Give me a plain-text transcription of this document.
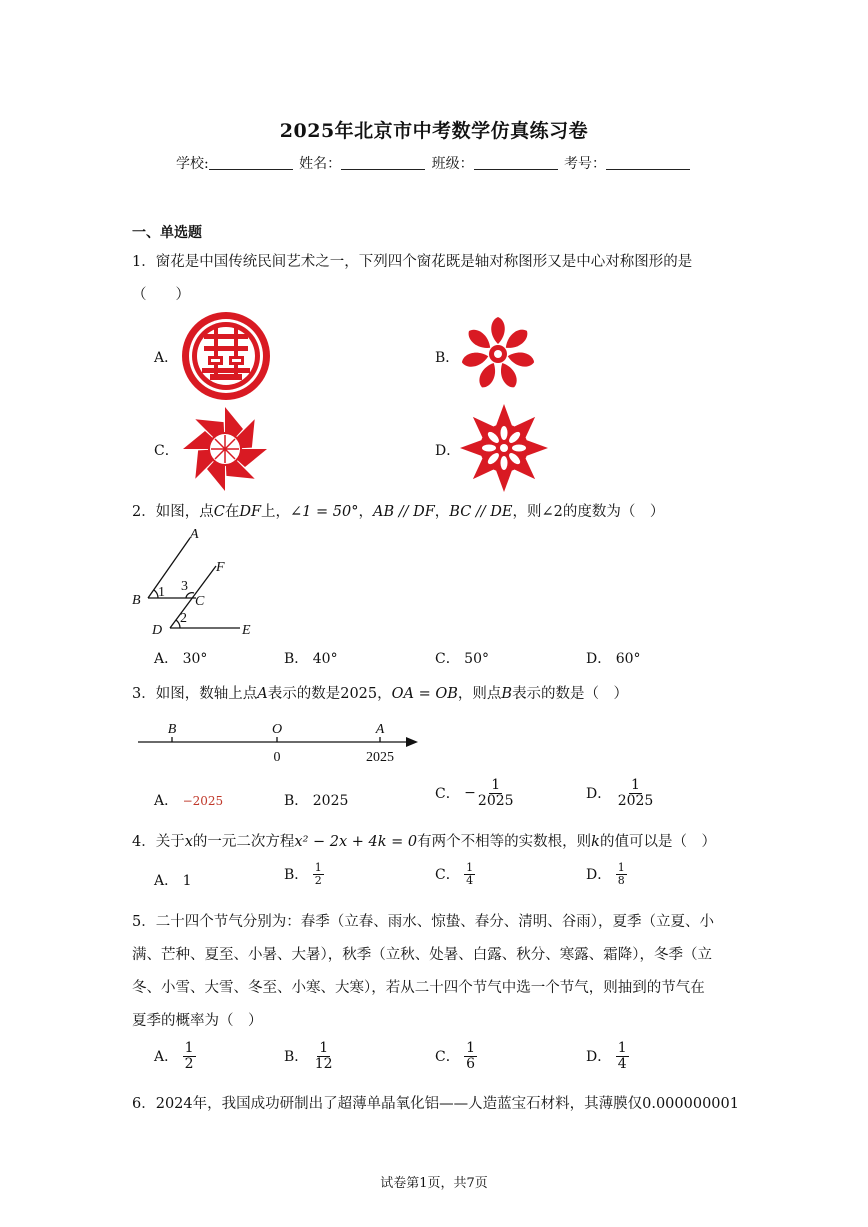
2025年北京市中考数学仿真练习卷
学校:	姓名：	班级：	考号：
一、单选题
1．窗花是中国传统民间艺术之一，下列四个窗花既是轴对称图形又是中心对称图形的是
（　　）
A．	B．
C．	D．
2．如图，点C在DF上，∠1 = 50°，AB // DF，BC // DE，则∠2的度数为（　）
A
B	C
D	E
F
1
2
3
A． 30°	B． 40°	C． 50°	D． 60°
3．如图，数轴上点A表示的数是2025，OA = OB，则点B表示的数是（　）
B	O	A
0	2025
A． −2025	B． 2025	C． − $\frac{1}{2025}$	D． $\frac{1}{2025}$
4．关于x的一元二次方程x² − 2x + 4k = 0有两个不相等的实数根，则k的值可以是（　）
A． 1	B． $\frac{1}{2}$	C． $\frac{1}{4}$	D． $\frac{1}{8}$
5．二十四个节气分别为：春季（立春、雨水、惊蛰、春分、清明、谷雨），夏季（立夏、小
满、芒种、夏至、小暑、大暑），秋季（立秋、处暑、白露、秋分、寒露、霜降），冬季（立
冬、小雪、大雪、冬至、小寒、大寒），若从二十四个节气中选一个节气，则抽到的节气在
夏季的概率为（　）
A． $\frac{1}{2}$	B． $\frac{1}{12}$	C． $\frac{1}{6}$	D． $\frac{1}{4}$
6．2024年，我国成功研制出了超薄单晶氧化铝——人造蓝宝石材料，其薄膜仅0.000000001
试卷第1页，共7页
